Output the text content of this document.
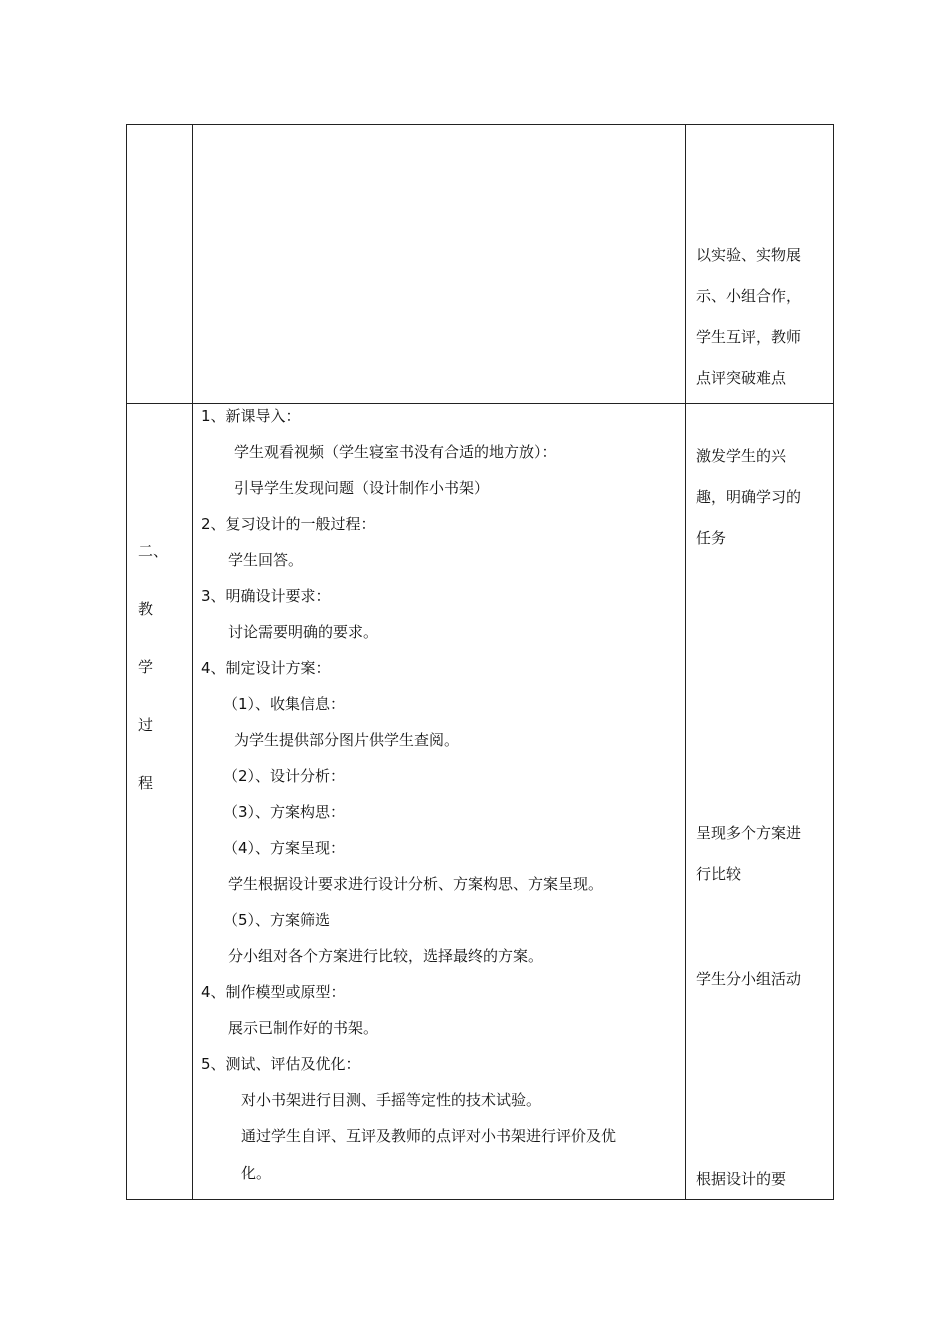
以实验、实物展
示、小组合作，
学生互评，教师
点评突破难点
二、
教
学
过
程
1、新课导入：
学生观看视频（学生寝室书没有合适的地方放）：
引导学生发现问题（设计制作小书架）
2、复习设计的一般过程：
学生回答。
3、明确设计要求：
讨论需要明确的要求。
4、制定设计方案：
（1）、收集信息：
为学生提供部分图片供学生查阅。
（2）、设计分析：
（3）、方案构思：
（4）、方案呈现：
学生根据设计要求进行设计分析、方案构思、方案呈现。
（5）、方案筛选
分小组对各个方案进行比较，选择最终的方案。
4、制作模型或原型：
展示已制作好的书架。
5、测试、评估及优化：
对小书架进行目测、手摇等定性的技术试验。
通过学生自评、互评及教师的点评对小书架进行评价及优
化。
激发学生的兴
趣，明确学习的
任务
呈现多个方案进
行比较
学生分小组活动
根据设计的要
